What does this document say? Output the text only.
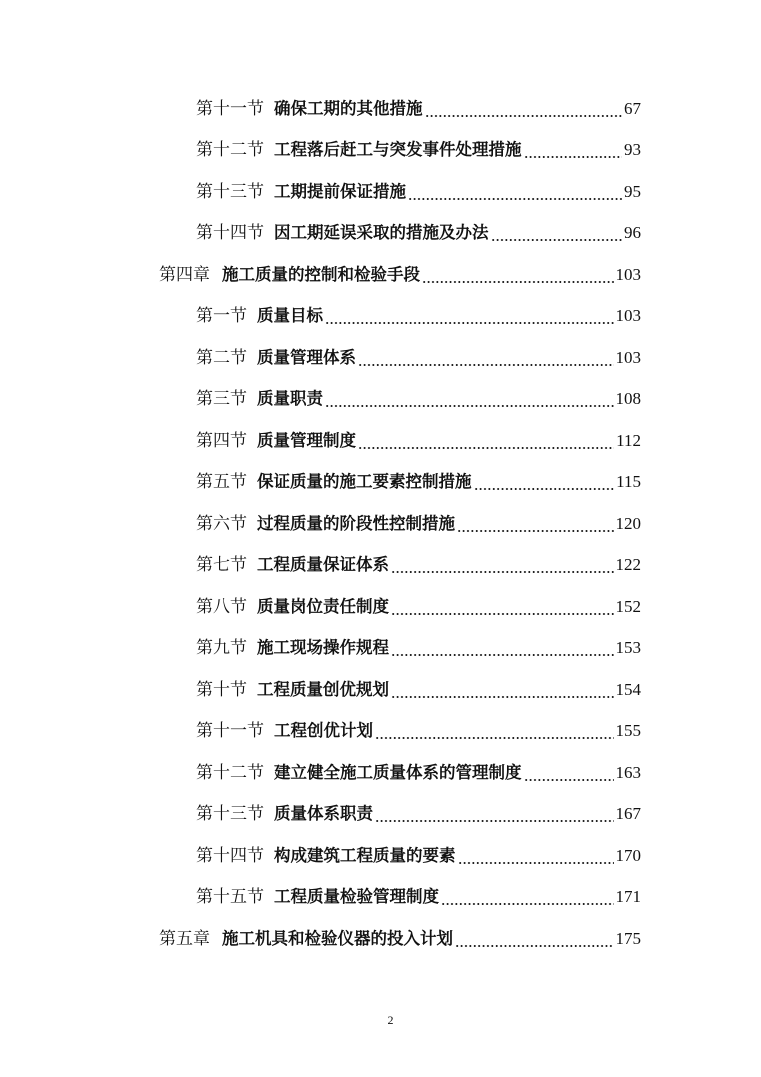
第十一节 确保工期的其他措施	67
第十二节 工程落后赶工与突发事件处理措施	93
第十三节 工期提前保证措施	95
第十四节 因工期延误采取的措施及办法	96
第四章 施工质量的控制和检验手段	103
第一节 质量目标	103
第二节 质量管理体系	103
第三节 质量职责	108
第四节 质量管理制度	112
第五节 保证质量的施工要素控制措施	115
第六节 过程质量的阶段性控制措施	120
第七节 工程质量保证体系	122
第八节 质量岗位责任制度	152
第九节 施工现场操作规程	153
第十节 工程质量创优规划	154
第十一节 工程创优计划	155
第十二节 建立健全施工质量体系的管理制度	163
第十三节 质量体系职责	167
第十四节 构成建筑工程质量的要素	170
第十五节 工程质量检验管理制度	171
第五章 施工机具和检验仪器的投入计划	175
2
